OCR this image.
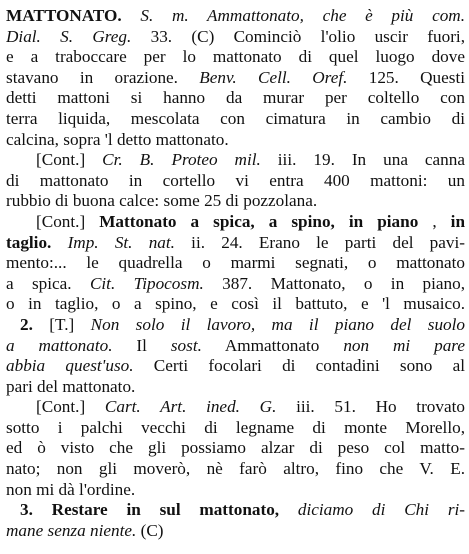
MATTONATO. S. m. Ammattonato, che è più com.
Dial. S. Greg. 33. (C) Cominciò l'olio uscir fuori,
e a traboccare per lo mattonato di quel luogo dove
stavano in orazione. Benv. Cell. Oref. 125. Questi
detti mattoni si hanno da murar per coltello con
terra liquida, mescolata con cimatura in cambio di
calcina, sopra 'l detto mattonato.
[Cont.] Cr. B. Proteo mil. iii. 19. In una canna
di mattonato in cortello vi entra 400 mattoni: un
rubbio di buona calce: some 25 di pozzolana.
[Cont.] Mattonato a spica, a spino, in piano , in
taglio. Imp. St. nat. ii. 24. Erano le parti del pavi-
mento:... le quadrella o marmi segnati, o mattonato
a spica. Cit. Tipocosm. 387. Mattonato, o in piano,
o in taglio, o a spino, e così il battuto, e 'l musaico.
2. [T.] Non solo il lavoro, ma il piano del suolo
a mattonato. Il sost. Ammattonato non mi pare
abbia quest'uso. Certi focolari di contadini sono al
pari del mattonato.
[Cont.] Cart. Art. ined. G. iii. 51. Ho trovato
sotto i palchi vecchi di legname di monte Morello,
ed ò visto che gli possiamo alzar di peso col matto-
nato; non gli moverò, nè farò altro, fino che V. E.
non mi dà l'ordine.
3. Restare in sul mattonato, diciamo di Chi ri-
mane senza niente. (C)
